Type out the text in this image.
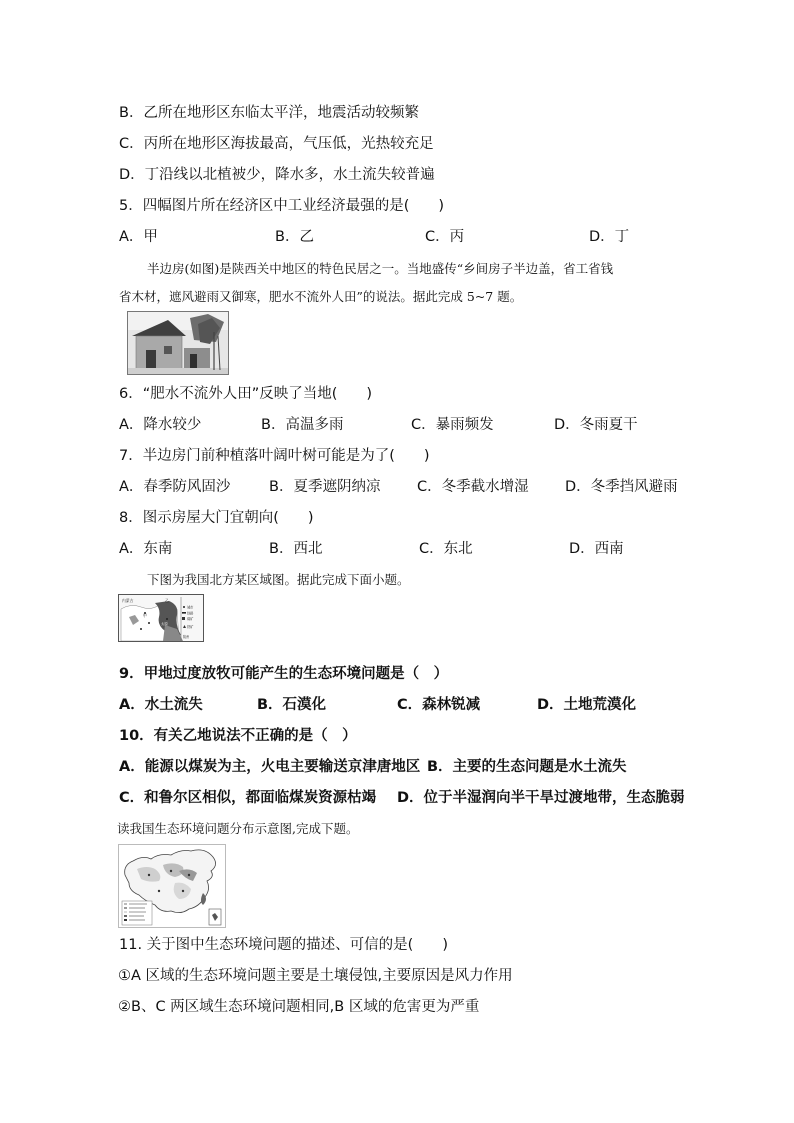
B．乙所在地形区东临太平洋，地震活动较频繁
C．丙所在地形区海拔最高，气压低，光热较充足
D．丁沿线以北植被少，降水多，水土流失较普遍
5．四幅图片所在经济区中工业经济最强的是(　　)
A．甲	B．乙	C．丙	D．丁
半边房(如图)是陕西关中地区的特色民居之一。当地盛传“乡间房子半边盖，省工省钱
省木材，遮风避雨又御寒，肥水不流外人田”的说法。据此完成 5~7 题。
6．“肥水不流外人田”反映了当地(　　)
A．降水较少	B．高温多雨	C．暴雨频发	D．冬雨夏干
7．半边房门前种植落叶阔叶树可能是为了(　　)
A．春季防风固沙	B．夏季遮阴纳凉	C．冬季截水增湿	D．冬季挡风避雨
8．图示房屋大门宜朝向(　　)
A．东南	B．西北	C．东北	D．西南
下图为我国北方某区域图。据此完成下面小题。
内蒙古	乙
甲
太原
城市
铁路
煤矿
铁矿
陕州
9．甲地过度放牧可能产生的生态环境问题是（　）
A．水土流失	B．石漠化	C．森林锐减	D．土地荒漠化
10．有关乙地说法不正确的是（　）
A．能源以煤炭为主，火电主要输送京津唐地区 B．主要的生态问题是水土流失
C．和鲁尔区相似，都面临煤炭资源枯竭 D．位于半湿润向半干旱过渡地带，生态脆弱
读我国生态环境问题分布示意图,完成下题。
11. 关于图中生态环境问题的描述、可信的是(　　)
①A 区域的生态环境问题主要是土壤侵蚀,主要原因是风力作用
②B、C 两区域生态环境问题相同,B 区域的危害更为严重
